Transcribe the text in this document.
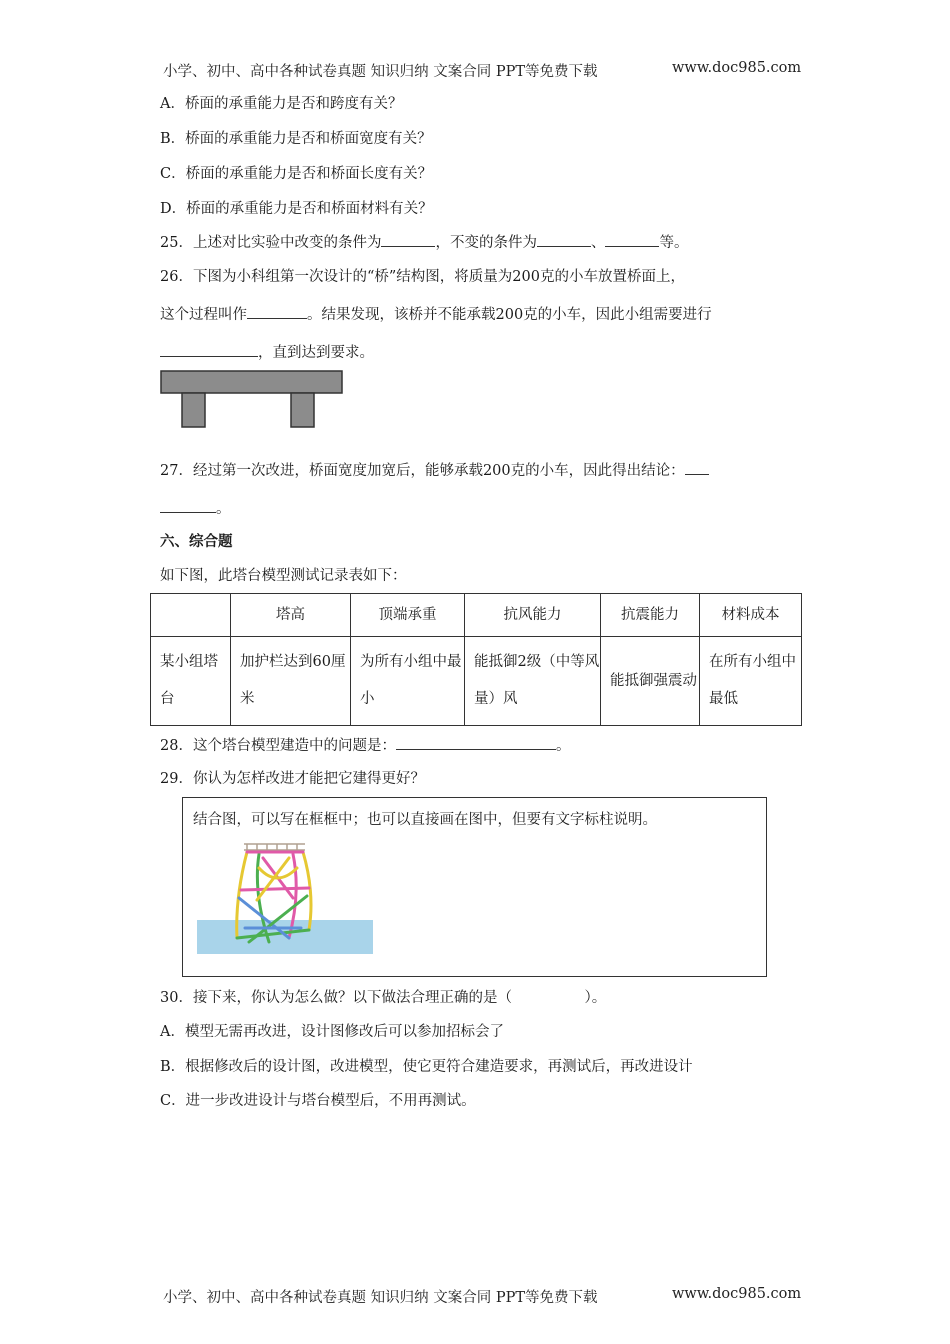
小学、初中、高中各种试卷真题 知识归纳 文案合同 PPT等免费下载	www.doc985.com
A．桥面的承重能力是否和跨度有关？
B．桥面的承重能力是否和桥面宽度有关？
C．桥面的承重能力是否和桥面长度有关？
D．桥面的承重能力是否和桥面材料有关？
25．上述对比实验中改变的条件为	，不变的条件为	、	等。
26．下图为小科组第一次设计的“桥”结构图，将质量为200克的小车放置桥面上，
这个过程叫作	。结果发现，该桥并不能承载200克的小车，因此小组需要进行
，直到达到要求。
27．经过第一次改进，桥面宽度加宽后，能够承载200克的小车，因此得出结论：
。
六、综合题
如下图，此塔台模型测试记录表如下：
	塔高	顶端承重	抗风能力	抗震能力	材料成本
某小组塔台	加护栏达到60厘米	为所有小组中最小	能抵御2级（中等风量）风	能抵御强震动	在所有小组中最低
28．这个塔台模型建造中的问题是：	。
29．你认为怎样改进才能把它建得更好？
结合图，可以写在框框中；也可以直接画在图中，但要有文字标柱说明。
30．接下来，你认为怎么做？以下做法合理正确的是（　　　　　）。
A．模型无需再改进，设计图修改后可以参加招标会了
B．根据修改后的设计图，改进模型，使它更符合建造要求，再测试后，再改进设计
C．进一步改进设计与塔台模型后，不用再测试。
小学、初中、高中各种试卷真题 知识归纳 文案合同 PPT等免费下载	www.doc985.com
